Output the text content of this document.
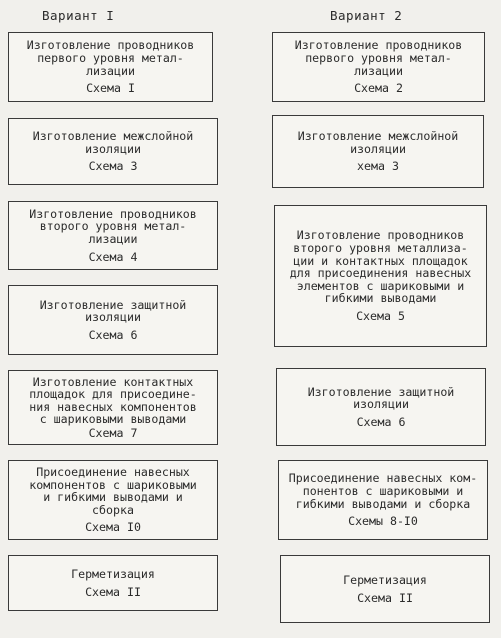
Вариант I	Вариант 2
Изготовление проводников
первого уровня метал-
лизации
Схема I
Изготовление межслойной
изоляции
Схема 3
Изготовление проводников
второго уровня метал-
лизации
Схема 4
Изготовление защитной
изоляции
Схема 6
Изготовление контактных
площадок для присоедине-
ния навесных компонентов
с шариковыми выводами
Схема 7
Присоединение навесных
компонентов с шариковыми
и гибкими выводами и
сборка
Схема I0
Герметизация
Схема II
Изготовление проводников
первого уровня метал-
лизации
Схема 2
Изготовление межслойной
изоляции
хема 3
Изготовление проводников
второго уровня металлиза-
ции и контактных площадок
для присоединения навесных
элементов с шариковыми и
гибкими выводами
Схема 5
Изготовление защитной
изоляции
Схема 6
Присоединение навесных ком-
понентов с шариковыми и
гибкими выводами и сборка
Схемы 8-I0
Герметизация
Схема II
